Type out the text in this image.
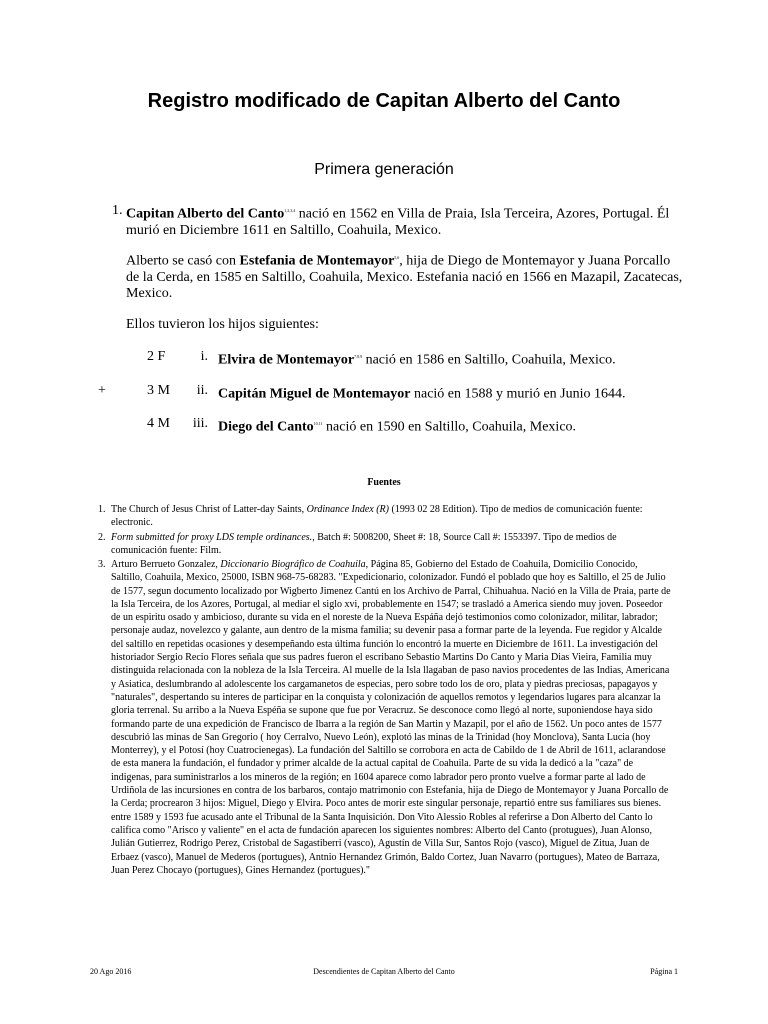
Registro modificado de Capitan Alberto del Canto
Primera generación
1. Capitan Alberto del Canto$^{1,2,3,4}$ nació en 1562 en Villa de Praia, Isla Terceira, Azores, Portugal. Él
murió en Diciembre 1611 en Saltillo, Coahuila, Mexico.
Alberto se casó con Estefania de Montemayor$^{5,6}$, hija de Diego de Montemayor y Juana Porcallo
de la Cerda, en 1585 en Saltillo, Coahuila, Mexico. Estefania nació en 1566 en Mazapil, Zacatecas,
Mexico.
Ellos tuvieron los hijos siguientes:
2 F	i. Elvira de Montemayor$^{7,8,9}$ nació en 1586 en Saltillo, Coahuila, Mexico.
+	3 M	ii. Capitán Miguel de Montemayor nació en 1588 y murió en Junio 1644.
4 M	iii. Diego del Canto$^{10,11}$ nació en 1590 en Saltillo, Coahuila, Mexico.
Fuentes
1. The Church of Jesus Christ of Latter-day Saints, Ordinance Index (R) (1993 02 28 Edition). Tipo de medios de comunicación fuente: electronic.
2. Form submitted for proxy LDS temple ordinances., Batch #: 5008200, Sheet #: 18, Source Call #: 1553397. Tipo de medios de comunicación fuente: Film.
3. Arturo Berrueto Gonzalez, Diccionario Biográfico de Coahuila, Página 85, Gobierno del Estado de Coahuila, Domicilio Conocido, Saltillo, Coahuila, Mexico, 25000, ISBN 968-75-68283. "Expedicionario, colonizador. Fundó el poblado que hoy es Saltillo, el 25 de Julio de 1577, segun documento localizado por Wigberto Jimenez Cantú en los Archivo de Parral, Chihuahua. Nació en la Villa de Praia, parte de la Isla Terceira, de los Azores, Portugal, al mediar el siglo xvi, probablemente en 1547; se trasladó a America siendo muy joven. Poseedor de un espiritu osado y ambicioso, durante su vida en el noreste de la Nueva Espáña dejó testimonios como colonizador, militar, labrador; personaje audaz, novelezco y galante, aun dentro de la misma familia; su devenir pasa a formar parte de la leyenda. Fue regidor y Alcalde del saltillo en repetidas ocasiones y desempeñando esta última función lo encontró la muerte en Diciembre de 1611. La investigación del historiador Sergio Recio Flores señala que sus padres fueron el escribano Sebastio Martins Do Canto y Maria Dias Vieira, Familia muy distinguida relacionada con la nobleza de la Isla Terceira. Al muelle de la Isla llagaban de paso navios procedentes de las Indias, Americana y Asiatica, deslumbrando al adolescente los cargamanetos de especias, pero sobre todo los de oro, plata y piedras preciosas, papagayos y "naturales", despertando su interes de participar en la conquista y colonización de aquellos remotos y legendarios lugares para alcanzar la gloria terrenal. Su arribo a la Nueva Espéña se supone que fue por Veracruz. Se desconoce como llegó al norte, suponiendose haya sido formando parte de una expedición de Francisco de Ibarra a la región de San Martin y Mazapil, por el año de 1562. Un poco antes de 1577 descubrió las minas de San Gregorio ( hoy Cerralvo, Nuevo León), explotó las minas de la Trinidad (hoy Monclova), Santa Lucia (hoy Monterrey), y el Potosí (hoy Cuatrocienegas). La fundación del Saltillo se corrobora en acta de Cabildo de 1 de Abril de 1611, aclarandose de esta manera la fundación, el fundador y primer alcalde de la actual capital de Coahuila. Parte de su vida la dedicó a la "caza" de indigenas, para suministrarlos a los mineros de la región; en 1604 aparece como labrador pero pronto vuelve a formar parte al lado de Urdiñola de las incursiones en contra de los barbaros, contajo matrimonio con Estefania, hija de Diego de Montemayor y Juana Porcallo de la Cerda; procrearon 3 hijos: Miguel, Diego y Elvira. Poco antes de morir este singular personaje, repartió entre sus familiares sus bienes. entre 1589 y 1593 fue acusado ante el Tribunal de la Santa Inquisición. Don Vito Alessio Robles al referirse a Don Alberto del Canto lo califica como "Arisco y valiente" en el acta de fundación aparecen los siguientes nombres: Alberto del Canto (protugues), Juan Alonso, Julián Gutierrez, Rodrigo Perez, Cristobal de Sagastiberri (vasco), Agustín de Villa Sur, Santos Rojo (vasco), Miguel de Zitua, Juan de Erbaez (vasco), Manuel de Mederos (portugues), Antnio Hernandez Grimón, Baldo Cortez, Juan Navarro (portugues), Mateo de Barraza, Juan Perez Chocayo (portugues), Gines Hernandez (portugues)."
20 Ago 2016	Descendientes de Capitan Alberto del Canto	Página 1
